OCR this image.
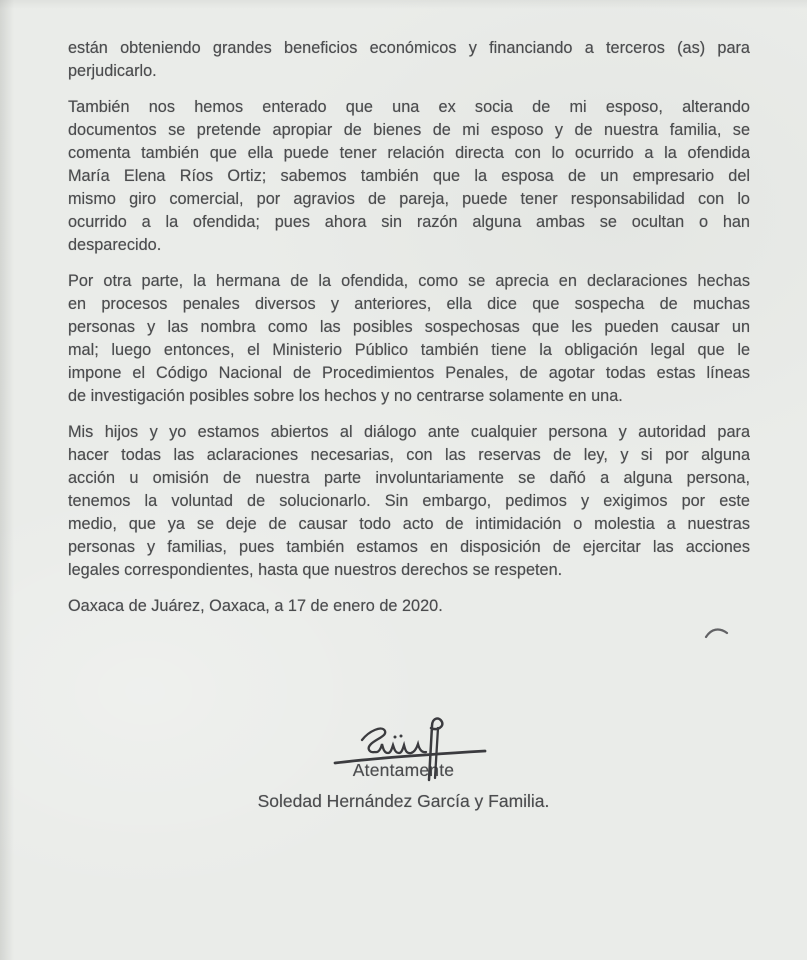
están obteniendo grandes beneficios económicos y financiando a terceros (as) para
perjudicarlo.
También nos hemos enterado que una ex socia de mi esposo, alterando
documentos se pretende apropiar de bienes de mi esposo y de nuestra familia, se
comenta también que ella puede tener relación directa con lo ocurrido a la ofendida
María Elena Ríos Ortiz; sabemos también que la esposa de un empresario del
mismo giro comercial, por agravios de pareja, puede tener responsabilidad con lo
ocurrido a la ofendida; pues ahora sin razón alguna ambas se ocultan o han
desparecido.
Por otra parte, la hermana de la ofendida, como se aprecia en declaraciones hechas
en procesos penales diversos y anteriores, ella dice que sospecha de muchas
personas y las nombra como las posibles sospechosas que les pueden causar un
mal; luego entonces, el Ministerio Público también tiene la obligación legal que le
impone el Código Nacional de Procedimientos Penales, de agotar todas estas líneas
de investigación posibles sobre los hechos y no centrarse solamente en una.
Mis hijos y yo estamos abiertos al diálogo ante cualquier persona y autoridad para
hacer todas las aclaraciones necesarias, con las reservas de ley, y si por alguna
acción u omisión de nuestra parte involuntariamente se dañó a alguna persona,
tenemos la voluntad de solucionarlo. Sin embargo, pedimos y exigimos por este
medio, que ya se deje de causar todo acto de intimidación o molestia a nuestras
personas y familias, pues también estamos en disposición de ejercitar las acciones
legales correspondientes, hasta que nuestros derechos se respeten.
Oaxaca de Juárez, Oaxaca, a 17 de enero de 2020.
Atentamente
Soledad Hernández García y Familia.
